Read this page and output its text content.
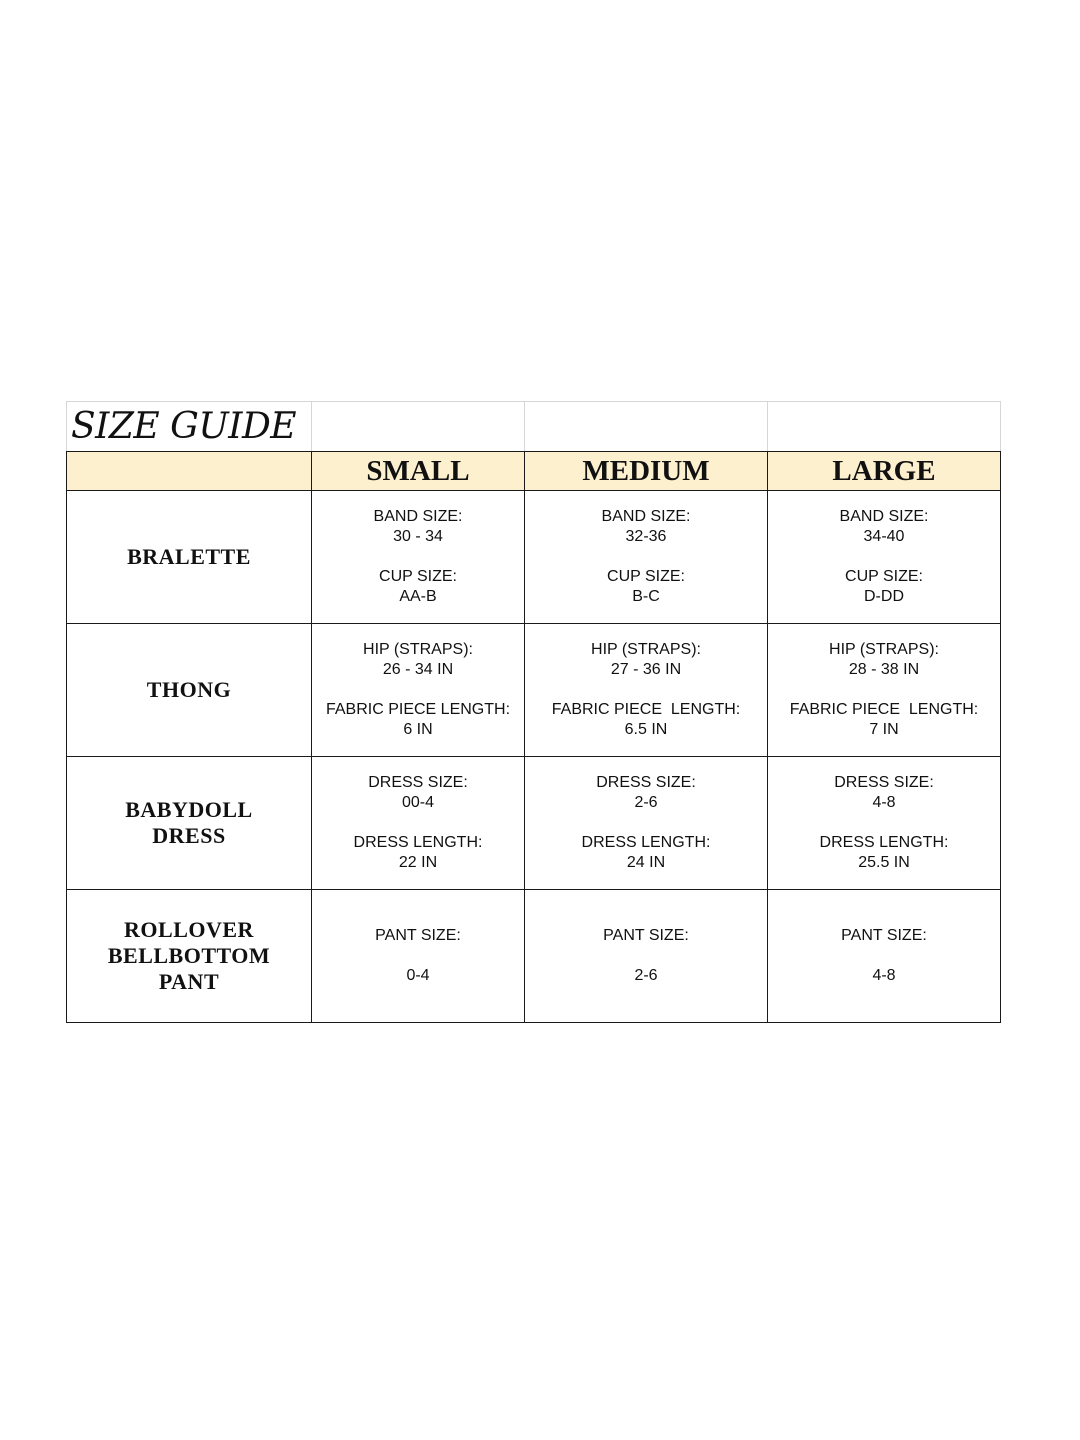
SIZE GUIDE			
	SMALL	MEDIUM	LARGE

BRALETTE	BAND SIZE:
30 - 34
CUP SIZE:
AA-B	BAND SIZE:
32-36
CUP SIZE:
B-C	BAND SIZE:
34-40
CUP SIZE:
D-DD

THONG	HIP (STRAPS):
26 - 34 IN
FABRIC PIECE LENGTH:
6 IN	HIP (STRAPS):
27 - 36 IN
FABRIC PIECE  LENGTH:
6.5 IN	HIP (STRAPS):
28 - 38 IN
FABRIC PIECE  LENGTH:
7 IN

BABYDOLL
DRESS	DRESS SIZE:
00-4
DRESS LENGTH:
22 IN	DRESS SIZE:
2-6
DRESS LENGTH:
24 IN	DRESS SIZE:
4-8
DRESS LENGTH:
25.5 IN

ROLLOVER
BELLBOTTOM
PANT	PANT SIZE:
0-4	PANT SIZE:
2-6	PANT SIZE:
4-8
